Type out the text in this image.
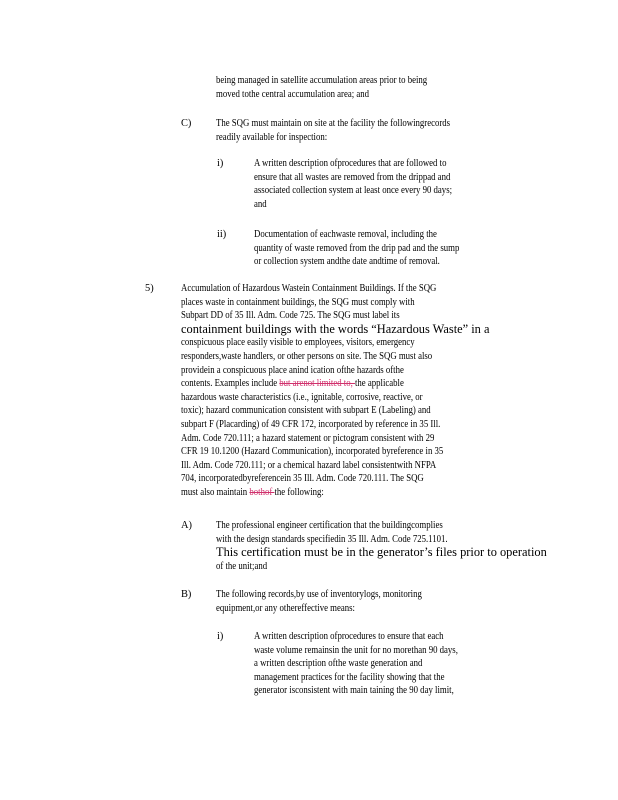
being managed in satellite accumulation areas prior to being
moved tothe central accumulation area; and
C) The SQG must maintain on site at the facility the followingrecords
readily available for inspection:
i)	A written description ofprocedures that are followed to
ensure that all wastes are removed from the drippad and
associated collection system at least once every 90 days;
and
ii)	Documentation of eachwaste removal, including the
quantity of waste removed from the drip pad and the sump
or collection system andthe date andtime of removal.
5)	Accumulation of Hazardous Wastein Containment Buildings. If the SQG
places waste in containment buildings, the SQG must comply with
Subpart DD of 35 Ill. Adm. Code 725. The SQG must label its
containment buildings with the words “Hazardous Waste” in a
conspicuous place easily visible to employees, visitors, emergency
responders,waste handlers, or other persons on site. The SQG must also
providein a conspicuous place anind ication ofthe hazards ofthe
contents. Examples include but arenot limited to, the applicable
hazardous waste characteristics (i.e., ignitable, corrosive, reactive, or
toxic); hazard communication consistent with subpart E (Labeling) and
subpart F (Placarding) of 49 CFR 172, incorporated by reference in 35 Ill.
Adm. Code 720.111; a hazard statement or pictogram consistent with 29
CFR 19 10.1200 (Hazard Communication), incorporated byreference in 35
Ill. Adm. Code 720.111; or a chemical hazard label consistentwith NFPA
704, incorporatedbyreferencein 35 Ill. Adm. Code 720.111. The SQG
must also maintain bothof the following:
A) The professional engineer certification that the buildingcomplies
with the design standards specifiedin 35 Ill. Adm. Code 725.1101.
This certification must be in the generator’s files prior to operation
of the unit;and
B) The following records,by use of inventorylogs, monitoring
equipment,or any othereffective means:
i)	A written description ofprocedures to ensure that each
waste volume remainsin the unit for no morethan 90 days,
a written description ofthe waste generation and
management practices for the facility showing that the
generator isconsistent with main taining the 90 day limit,
